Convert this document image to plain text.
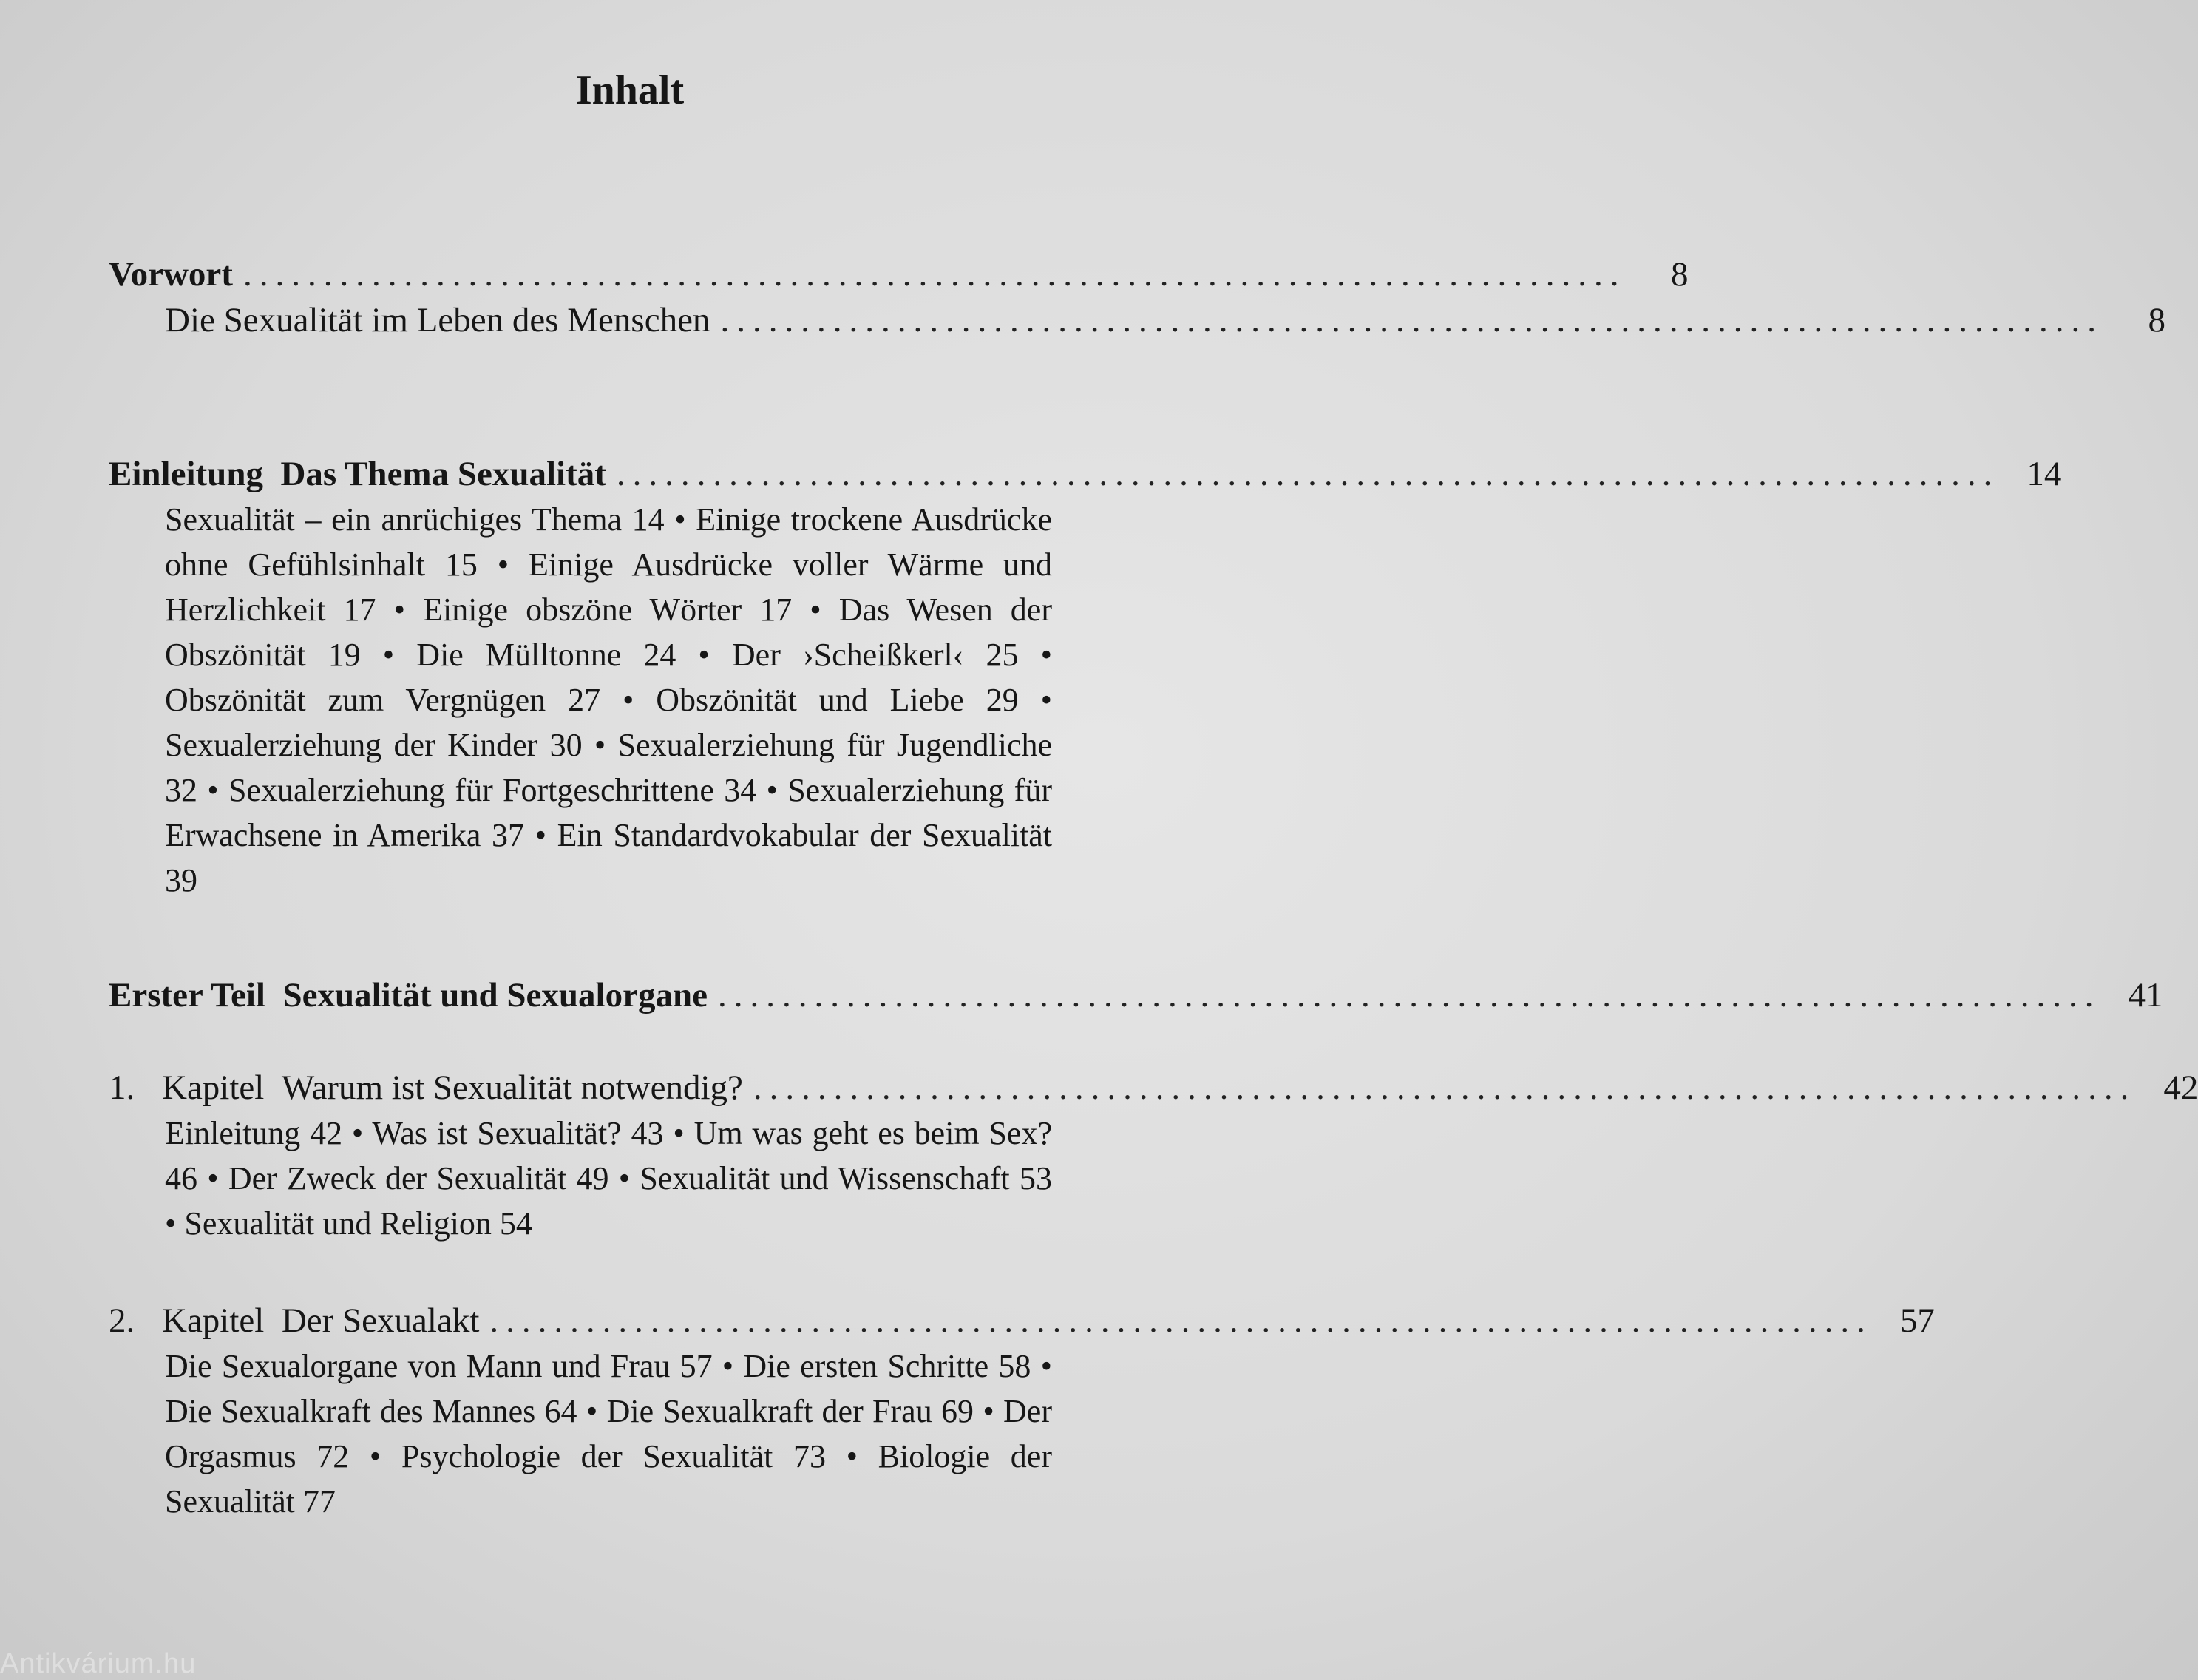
Inhalt
Vorwort ......................................................................................	8
Die Sexualität im Leben des Menschen ......................................................................................	8
Einleitung Das Thema Sexualität ...................................................................................... 14
Sexualität – ein anrüchiges Thema 14 • Einige trockene Ausdrücke ohne Gefühlsinhalt 15 • Einige Ausdrücke voller Wärme und Herzlichkeit 17 • Einige obszöne Wörter 17 • Das Wesen der Obszönität 19 • Die Mülltonne 24 • Der ›Scheißkerl‹ 25 • Obszönität zum Vergnügen 27 • Obszönität und Liebe 29 • Sexualerziehung der Kinder 30 • Sexualerziehung für Jugendliche 32 • Sexualerziehung für Fortgeschrittene 34 • Sexualerziehung für Erwachsene in Amerika 37 • Ein Standardvokabular der Sexualität 39
Erster Teil Sexualität und Sexualorgane ...................................................................................... 41
1. Kapitel Warum ist Sexualität notwendig? ...................................................................................... 42
Einleitung 42 • Was ist Sexualität? 43 • Um was geht es beim Sex? 46 • Der Zweck der Sexualität 49 • Sexualität und Wissenschaft 53 • Sexualität und Religion 54
2. Kapitel Der Sexualakt ...................................................................................... 57
Die Sexualorgane von Mann und Frau 57 • Die ersten Schritte 58 • Die Sexualkraft des Mannes 64 • Die Sexualkraft der Frau 69 • Der Orgasmus 72 • Psychologie der Sexualität 73 • Biologie der Sexualität 77
Antikvárium.hu
